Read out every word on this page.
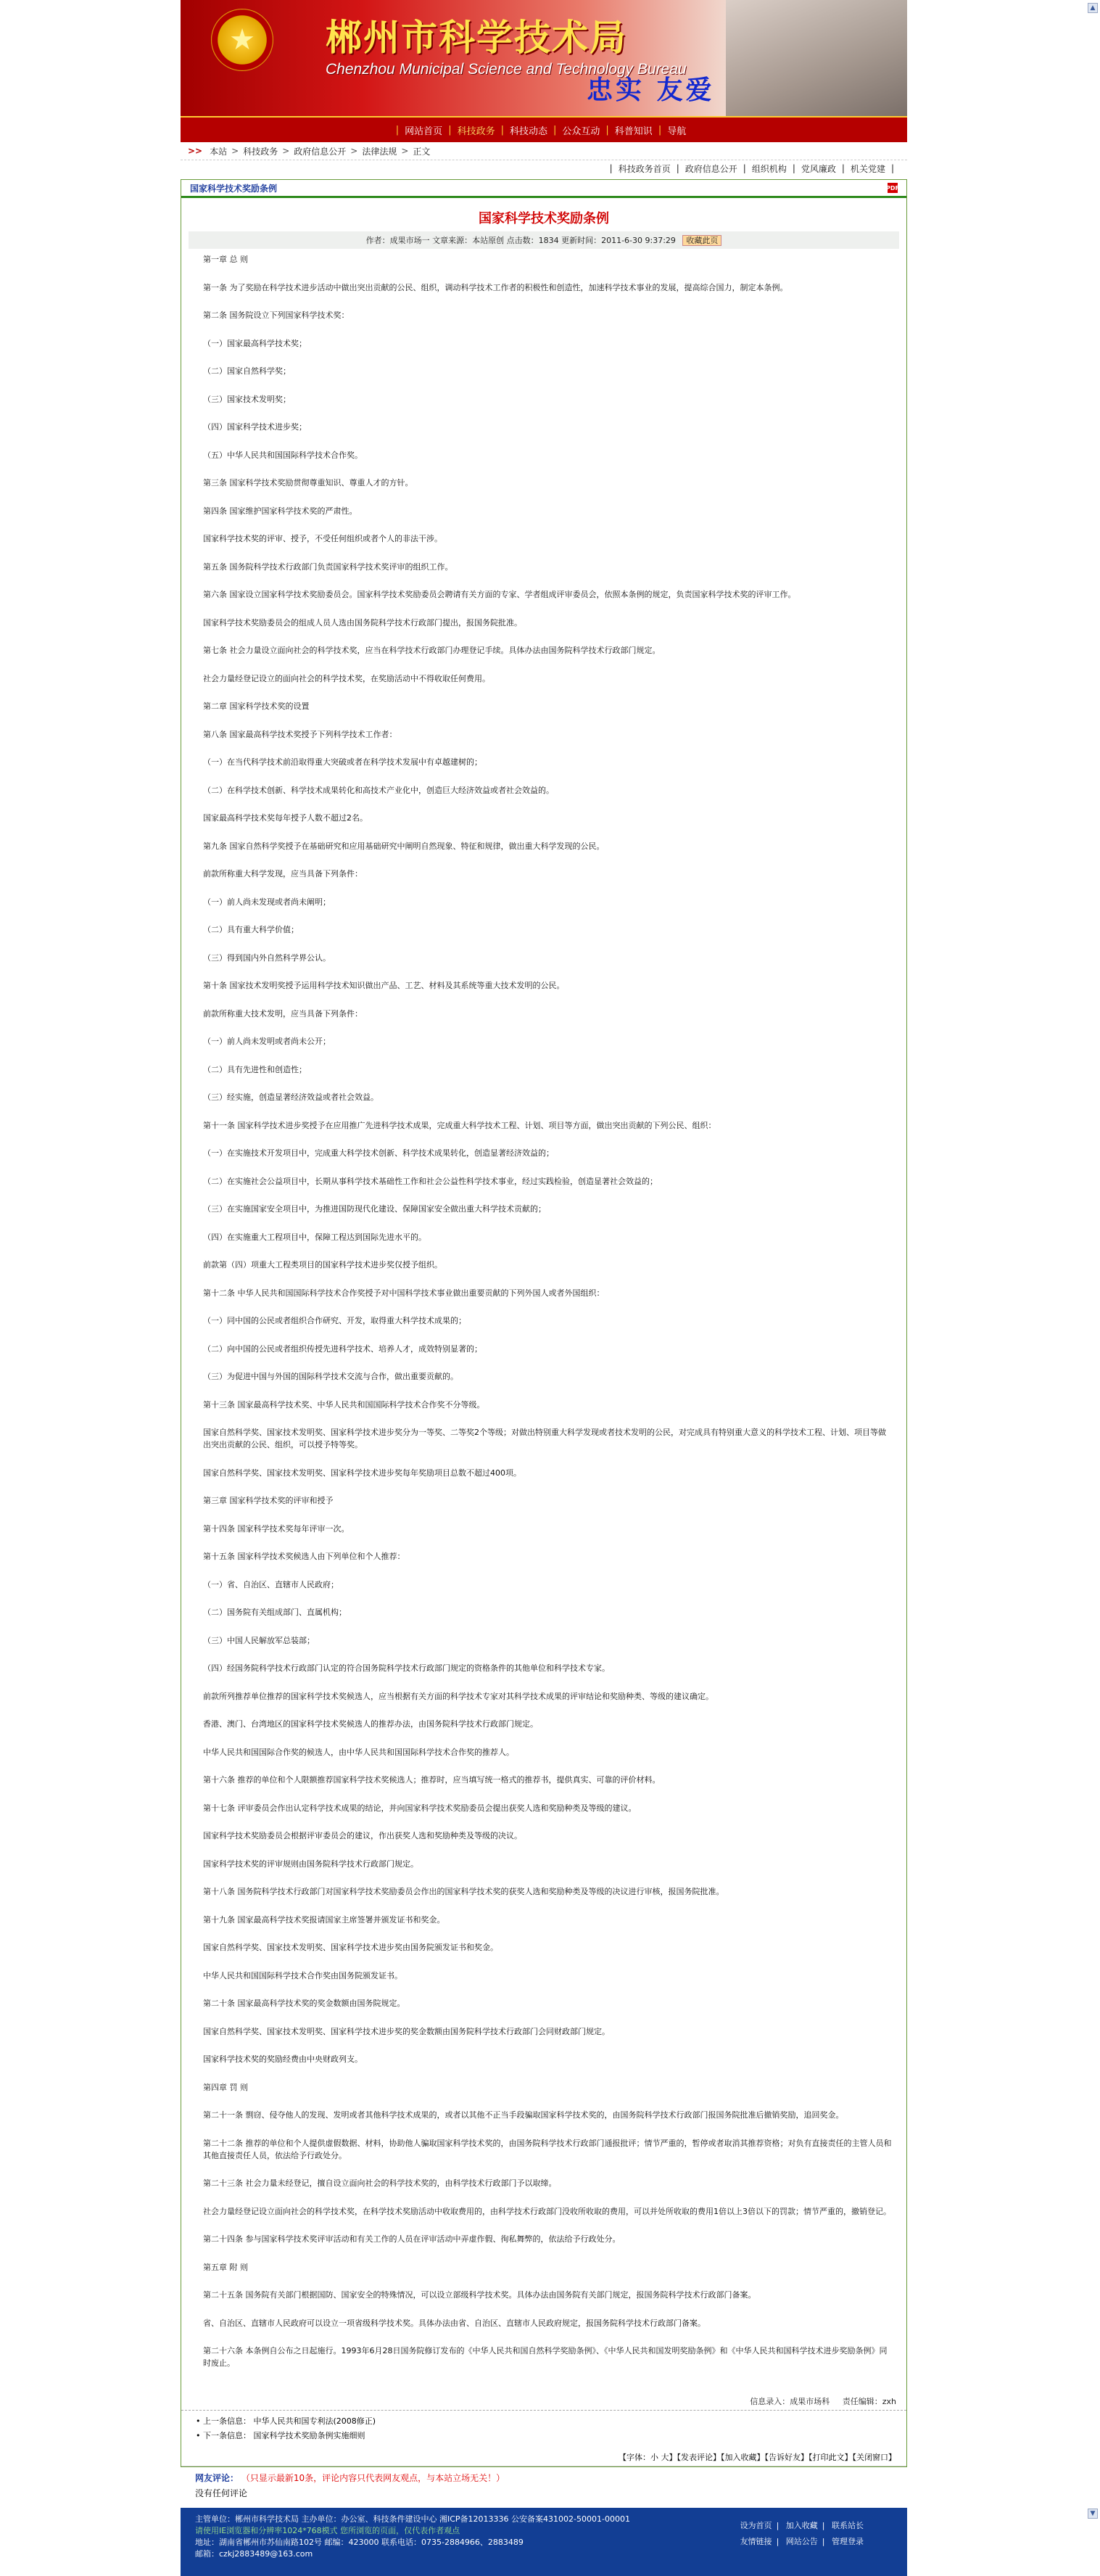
▲
▼
★	郴州市科学技术局
Chenzhou Municipal Science and Technology Bureau
忠实 友爱
| 网站首页 | 科技政务 | 科技动态 | 公众互动 | 科普知识 | 导航
>> 本站 > 科技政务 > 政府信息公开 > 法律法规 > 正文
| 科技政务首页 | 政府信息公开 | 组织机构 | 党风廉政 | 机关党建 |
国家科学技术奖励条例	PDF
国家科学技术奖励条例
作者：成果市场一 文章来源：本站原创 点击数：1834 更新时间：2011-6-30 9:37:29 收藏此页

第一章 总 则

第一条 为了奖励在科学技术进步活动中做出突出贡献的公民、组织，调动科学技术工作者的积极性和创造性，加速科学技术事业的发展，提高综合国力，制定本条例。

第二条 国务院设立下列国家科学技术奖：

（一）国家最高科学技术奖；

（二）国家自然科学奖；

（三）国家技术发明奖；

（四）国家科学技术进步奖；

（五）中华人民共和国国际科学技术合作奖。

第三条 国家科学技术奖励贯彻尊重知识、尊重人才的方针。

第四条 国家维护国家科学技术奖的严肃性。

国家科学技术奖的评审、授予，不受任何组织或者个人的非法干涉。

第五条 国务院科学技术行政部门负责国家科学技术奖评审的组织工作。

第六条 国家设立国家科学技术奖励委员会。国家科学技术奖励委员会聘请有关方面的专家、学者组成评审委员会，依照本条例的规定，负责国家科学技术奖的评审工作。

国家科学技术奖励委员会的组成人员人选由国务院科学技术行政部门提出，报国务院批准。

第七条 社会力量设立面向社会的科学技术奖，应当在科学技术行政部门办理登记手续。具体办法由国务院科学技术行政部门规定。

社会力量经登记设立的面向社会的科学技术奖，在奖励活动中不得收取任何费用。

第二章 国家科学技术奖的设置

第八条 国家最高科学技术奖授予下列科学技术工作者：

（一）在当代科学技术前沿取得重大突破或者在科学技术发展中有卓越建树的；

（二）在科学技术创新、科学技术成果转化和高技术产业化中，创造巨大经济效益或者社会效益的。

国家最高科学技术奖每年授予人数不超过2名。

第九条 国家自然科学奖授予在基础研究和应用基础研究中阐明自然现象、特征和规律，做出重大科学发现的公民。

前款所称重大科学发现，应当具备下列条件：

（一）前人尚未发现或者尚未阐明；

（二）具有重大科学价值；

（三）得到国内外自然科学界公认。

第十条 国家技术发明奖授予运用科学技术知识做出产品、工艺、材料及其系统等重大技术发明的公民。

前款所称重大技术发明，应当具备下列条件：

（一）前人尚未发明或者尚未公开；

（二）具有先进性和创造性；

（三）经实施，创造显著经济效益或者社会效益。

第十一条 国家科学技术进步奖授予在应用推广先进科学技术成果，完成重大科学技术工程、计划、项目等方面，做出突出贡献的下列公民、组织：

（一）在实施技术开发项目中，完成重大科学技术创新、科学技术成果转化，创造显著经济效益的；

（二）在实施社会公益项目中，长期从事科学技术基础性工作和社会公益性科学技术事业，经过实践检验，创造显著社会效益的；

（三）在实施国家安全项目中，为推进国防现代化建设、保障国家安全做出重大科学技术贡献的；

（四）在实施重大工程项目中，保障工程达到国际先进水平的。

前款第（四）项重大工程类项目的国家科学技术进步奖仅授予组织。

第十二条 中华人民共和国国际科学技术合作奖授予对中国科学技术事业做出重要贡献的下列外国人或者外国组织：

（一）同中国的公民或者组织合作研究、开发，取得重大科学技术成果的；

（二）向中国的公民或者组织传授先进科学技术、培养人才，成效特别显著的；

（三）为促进中国与外国的国际科学技术交流与合作，做出重要贡献的。

第十三条 国家最高科学技术奖、中华人民共和国国际科学技术合作奖不分等级。

国家自然科学奖、国家技术发明奖、国家科学技术进步奖分为一等奖、二等奖2个等级；对做出特别重大科学发现或者技术发明的公民，对完成具有特别重大意义的科学技术工程、计划、项目等做出突出贡献的公民、组织，可以授予特等奖。

国家自然科学奖、国家技术发明奖、国家科学技术进步奖每年奖励项目总数不超过400项。

第三章 国家科学技术奖的评审和授予

第十四条 国家科学技术奖每年评审一次。

第十五条 国家科学技术奖候选人由下列单位和个人推荐：

（一）省、自治区、直辖市人民政府；

（二）国务院有关组成部门、直属机构；

（三）中国人民解放军总装部；

（四）经国务院科学技术行政部门认定的符合国务院科学技术行政部门规定的资格条件的其他单位和科学技术专家。

前款所列推荐单位推荐的国家科学技术奖候选人，应当根据有关方面的科学技术专家对其科学技术成果的评审结论和奖励种类、等级的建议确定。

香港、澳门、台湾地区的国家科学技术奖候选人的推荐办法，由国务院科学技术行政部门规定。

中华人民共和国国际合作奖的候选人，由中华人民共和国国际科学技术合作奖的推荐人。

第十六条 推荐的单位和个人限额推荐国家科学技术奖候选人；推荐时，应当填写统一格式的推荐书，提供真实、可靠的评价材料。

第十七条 评审委员会作出认定科学技术成果的结论，并向国家科学技术奖励委员会提出获奖人选和奖励种类及等级的建议。

国家科学技术奖励委员会根据评审委员会的建议，作出获奖人选和奖励种类及等级的决议。

国家科学技术奖的评审规则由国务院科学技术行政部门规定。

第十八条 国务院科学技术行政部门对国家科学技术奖励委员会作出的国家科学技术奖的获奖人选和奖励种类及等级的决议进行审核，报国务院批准。

第十九条 国家最高科学技术奖报请国家主席签署并颁发证书和奖金。

国家自然科学奖、国家技术发明奖、国家科学技术进步奖由国务院颁发证书和奖金。

中华人民共和国国际科学技术合作奖由国务院颁发证书。

第二十条 国家最高科学技术奖的奖金数额由国务院规定。

国家自然科学奖、国家技术发明奖、国家科学技术进步奖的奖金数额由国务院科学技术行政部门会同财政部门规定。

国家科学技术奖的奖励经费由中央财政列支。

第四章 罚 则

第二十一条 剽窃、侵夺他人的发现、发明或者其他科学技术成果的，或者以其他不正当手段骗取国家科学技术奖的，由国务院科学技术行政部门报国务院批准后撤销奖励，追回奖金。

第二十二条 推荐的单位和个人提供虚假数据、材料，协助他人骗取国家科学技术奖的，由国务院科学技术行政部门通报批评；情节严重的，暂停或者取消其推荐资格；对负有直接责任的主管人员和其他直接责任人员，依法给予行政处分。

第二十三条 社会力量未经登记，擅自设立面向社会的科学技术奖的，由科学技术行政部门予以取缔。

社会力量经登记设立面向社会的科学技术奖，在科学技术奖励活动中收取费用的，由科学技术行政部门没收所收取的费用，可以并处所收取的费用1倍以上3倍以下的罚款；情节严重的，撤销登记。

第二十四条 参与国家科学技术奖评审活动和有关工作的人员在评审活动中弄虚作假、徇私舞弊的，依法给予行政处分。

第五章 附 则

第二十五条 国务院有关部门根据国防、国家安全的特殊情况，可以设立部级科学技术奖。具体办法由国务院有关部门规定，报国务院科学技术行政部门备案。

省、自治区、直辖市人民政府可以设立一项省级科学技术奖。具体办法由省、自治区、直辖市人民政府规定，报国务院科学技术行政部门备案。

第二十六条 本条例自公布之日起施行。1993年6月28日国务院修订发布的《中华人民共和国自然科学奖励条例》、《中华人民共和国发明奖励条例》和《中华人民共和国科学技术进步奖励条例》同时废止。

信息录入：成果市场科 责任编辑：zxh
• 上一条信息： 中华人民共和国专利法(2008修正)
• 下一条信息： 国家科学技术奖励条例实施细则
【字体：小 大】【发表评论】【加入收藏】【告诉好友】【打印此文】【关闭窗口】
网友评论： （只显示最新10条，评论内容只代表网友观点，与本站立场无关！）
没有任何评论
主管单位：郴州市科学技术局 主办单位：办公室、科技条件建设中心 湘ICP备12013336 公安备案431002-50001-00001
请使用IE浏览器和分辨率1024*768模式 您所浏览的页面，仅代表作者观点
地址：湖南省郴州市苏仙南路102号 邮编：423000 联系电话：0735-2884966、2883489
邮箱：czkj2883489@163.com
设为首页 | 加入收藏 | 联系站长
友情链接 | 网站公告 | 管理登录
